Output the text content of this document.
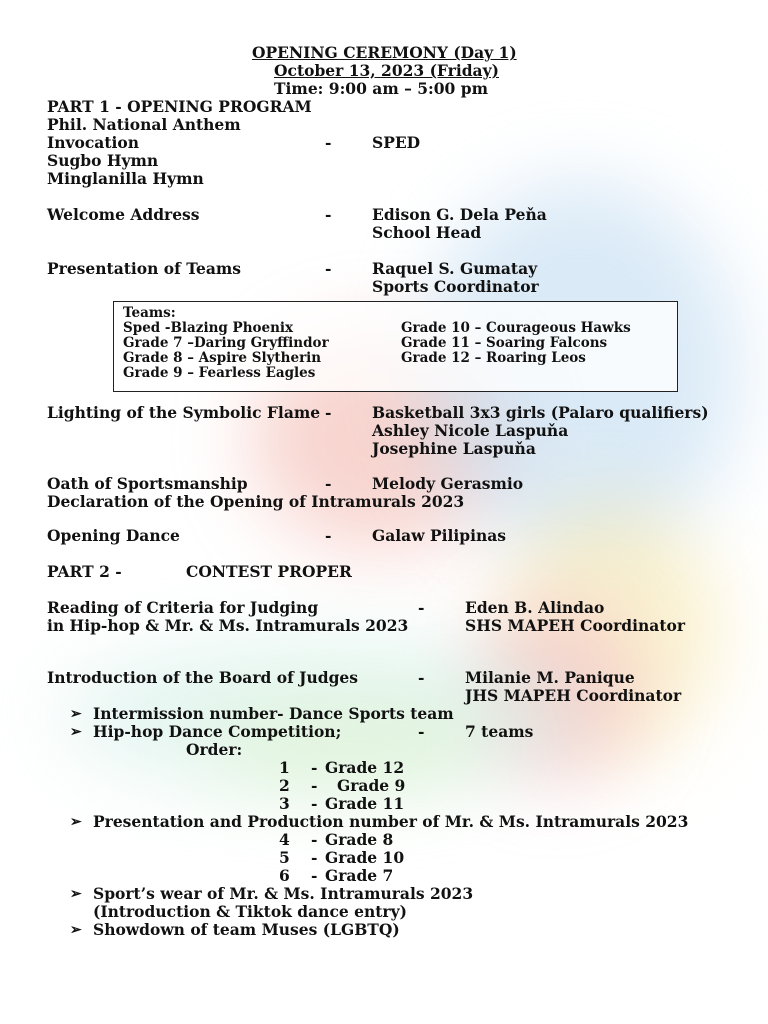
OPENING CEREMONY (Day 1)
October 13, 2023 (Friday)
Time: 9:00 am – 5:00 pm
PART 1 - OPENING PROGRAM
Phil. National Anthem
Invocation	-	SPED
Sugbo Hymn
Minglanilla Hymn
Welcome Address	-	Edison G. Dela Peňa
School Head
Presentation of Teams	-	Raquel S. Gumatay
Sports Coordinator
Teams:
Sped -Blazing Phoenix
Grade 7 –Daring Gryffindor
Grade 8 – Aspire Slytherin
Grade 9 – Fearless Eagles
Grade 10 – Courageous Hawks
Grade 11 – Soaring Falcons
Grade 12 – Roaring Leos
Lighting of the Symbolic Flame -	Basketball 3x3 girls (Palaro qualifiers)
Ashley Nicole Laspuňa
Josephine Laspuňa
Oath of Sportsmanship	-	Melody Gerasmio
Declaration of the Opening of Intramurals 2023
Opening Dance	-	Galaw Pilipinas
PART 2 -	CONTEST PROPER
Reading of Criteria for Judging	-	Eden B. Alindao
in Hip-hop & Mr. & Ms. Intramurals 2023	SHS MAPEH Coordinator
Introduction of the Board of Judges	-	Milanie M. Panique
JHS MAPEH Coordinator
➢ Intermission number- Dance Sports team
➢ Hip-hop Dance Competition;	-	7 teams
Order:
1 - Grade 12
2 - Grade 9
3 - Grade 11
➢ Presentation and Production number of Mr. & Ms. Intramurals 2023
4 - Grade 8
5 - Grade 10
6 - Grade 7
➢ Sport’s wear of Mr. & Ms. Intramurals 2023
(Introduction & Tiktok dance entry)
➢ Showdown of team Muses (LGBTQ)
